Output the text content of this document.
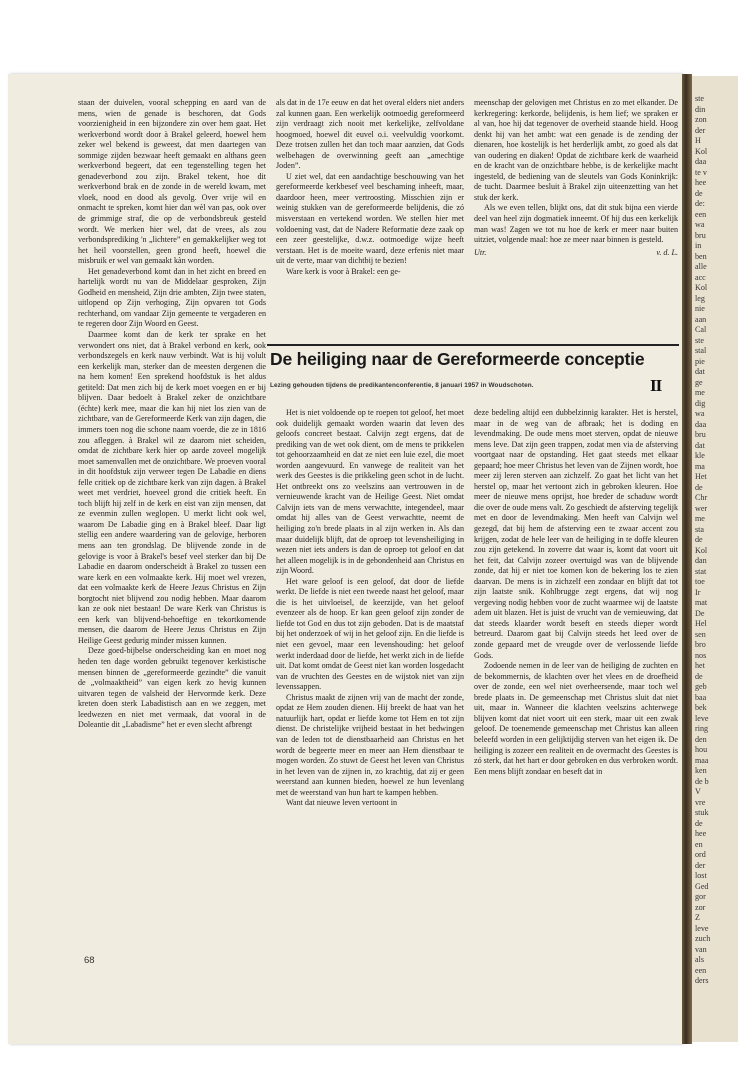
ste
din
zon
der
H
Kol
daa
te v
hee
de
de:
een
wa
bru
in
ben
alle
acc
Kol
leg
nie
aan
Cal
ste
stal
pie
dat
ge
me
dig
wa
daa
bru
dat
kle
ma
Het
de
Chr
wer
me
sta
de
Kol
dan
stat
toe
Ir
mat
De
Hel
sen
bro
nos
het
de
geb
baa
bek
leve
ring
den
hou
maa
ken
de b
V
vre
stuk
de
hee
en
ord
der
lost
Ged
gor
zor
Z
leve
zuch
van
als
een
ders

staan der duivelen, vooral schepping en aard van de mens, wien de genade is beschoren, dat Gods voorzienigheid in een bijzondere zin over hem gaat. Het werkverbond wordt door à Brakel geleerd, hoewel hem zeker wel bekend is geweest, dat men daartegen van sommige zijden bezwaar heeft gemaakt en althans geen werkverbond begeert, dat een tegenstelling tegen het genadeverbond zou zijn. Brakel tekent, hoe dit werkverbond brak en de zonde in de wereld kwam, met vloek, nood en dood als gevolg. Over vrije wil en onmacht te spreken, komt hier dan wèl van pas, ook over de grimmige straf, die op de verbondsbreuk gesteld wordt. We merken hier wel, dat de vrees, als zou verbondsprediking 'n „lichtere” en gemakkelijker weg tot het heil voorstellen, geen grond heeft, hoewel die misbruik er wel van gemaakt kàn worden.

Het genadeverbond komt dan in het zicht en breed en hartelijk wordt nu van de Middelaar gesproken, Zijn Godheid en mensheid, Zijn drie ambten, Zijn twee staten, uitlopend op Zijn verhoging, Zijn opvaren tot Gods rechterhand, om vandaar Zijn gemeente te vergaderen en te regeren door Zijn Woord en Geest.

Daarmee komt dan de kerk ter sprake en het verwondert ons niet, dat à Brakel verbond en kerk, ook verbondszegels en kerk nauw verbindt. Wat is hij volult een kerkelijk man, sterker dan de meesten dergenen die na hem komen! Een sprekend hoofdstuk is het aldus getiteld: Dat men zich bij de kerk moet voegen en er bij blijven. Daar bedoelt à Brakel zeker de onzichtbare (échte) kerk mee, maar die kan hij niet los zien van de zichtbare, van de Gereformeerde Kerk van zijn dagen, die immers toen nog die schone naam voerde, die ze in 1816 zou afleggen. à Brakel wil ze daarom niet scheiden, omdat de zichtbare kerk hier op aarde zoveel mogelijk moet samenvallen met de onzichtbare. We proeven vooral in dit hoofdstuk zijn verweer tegen De Labadie en diens felle critiek op de zichtbare kerk van zijn dagen. à Brakel weet met verdriet, hoeveel grond die critiek heeft. En toch blijft hij zelf in de kerk en eist van zijn mensen, dat ze evenmin zullen weglopen. U merkt licht ook wel, waarom De Labadie ging en à Brakel bleef. Daar ligt stellig een andere waardering van de gelovige, herboren mens aan ten grondslag. De blijvende zonde in de gelovige is voor à Brakel's besef veel sterker dan bij De Labadie en daarom onderscheidt à Brakel zo tussen een ware kerk en een volmaakte kerk. Hij moet wel vrezen, dat een volmaakte kerk de Heere Jezus Christus en Zijn borgtocht niet blijvend zou nodig hebben. Maar daarom kan ze ook niet bestaan! De ware Kerk van Christus is een kerk van blijvend-behoeftige en tekortkomende mensen, die daarom de Heere Jezus Christus en Zijn Heilige Geest gedurig minder missen kunnen.

Deze goed-bijbelse onderscheiding kan en moet nog heden ten dage worden gebruikt tegenover kerkistische mensen binnen de „gereformeerde gezindte” die vanuit de „volmaaktheid” van eigen kerk zo hevig kunnen uitvaren tegen de valsheid der Hervormde kerk. Deze kreten doen sterk Labadistisch aan en we zeggen, met leedwezen en niet met vermaak, dat vooral in de Doleantie dit „Labadisme” het er even slecht afbrengt

als dat in de 17e eeuw en dat het overal elders niet anders zal kunnen gaan. Een werkelijk ootmoedig gereformeerd zijn verdraagt zich nooit met kerkelijke, zelfvoldane hoogmoed, hoewel dit euvel o.i. veelvuldig voorkomt. Deze trotsen zullen het dan toch maar aanzien, dat Gods welbehagen de overwinning geeft aan „amechtige Joden”.

U ziet wel, dat een aandachtige beschouwing van het gereformeerde kerkbesef veel beschaming inheeft, maar, daardoor heen, meer vertroosting. Misschien zijn er weinig stukken van de gereformeerde belijdenis, die zó misverstaan en vertekend worden. We stellen hier met voldoening vast, dat de Nadere Reformatie deze zaak op een zeer geestelijke, d.w.z. ootmoedige wijze heeft verstaan. Het is de moeite waard, deze erfenis niet maar uit de verte, maar van dichtbij te bezien!

Ware kerk is voor à Brakel: een ge-

meenschap der gelovigen met Christus en zo met elkander. De kerkregering: kerkorde, belijdenis, is hem lief; we spraken er al van, hoe hij dat tegenover de overheid staande hield. Hoog denkt hij van het ambt: wat een genade is de zending der dienaren, hoe kostelijk is het herderlijk ambt, zo goed als dat van oudering en diaken! Opdat de zichtbare kerk de waarheid en de kracht van de onzichtbare hebbe, is de kerkelijke macht ingesteld, de bediening van de sleutels van Gods Koninkrijk: de tucht. Daarmee besluit à Brakel zijn uiteenzetting van het stuk der kerk.

Als we even tellen, blijkt ons, dat dit stuk bijna een vierde deel van heel zijn dogmatiek inneemt. Of hij dus een kerkelijk man was! Zagen we tot nu hoe de kerk er meer naar buiten uitziet, volgende maal: hoe ze meer naar binnen is gesteld.

Utr.	v. d. L.
De heiliging naar de Gereformeerde conceptie
Lezing gehouden tijdens de predikantenconferentie, 8 januari 1957 in Woudschoten.	II

Het is niet voldoende op te roepen tot geloof, het moet ook duidelijk gemaakt worden waarin dat leven des geloofs concreet bestaat. Calvijn zegt ergens, dat de prediking van de wet ook dient, om de mens te prikkelen tot gehoorzaamheid en dat ze niet een luie ezel, die moet worden aangevuurd. En vanwege de realiteit van het werk des Geestes is die prikkeling geen schot in de lucht. Het ontbreekt ons zo veelszins aan vertrouwen in de vernieuwende kracht van de Heilige Geest. Niet omdat Calvijn iets van de mens verwachtte, integendeel, maar omdat hij alles van de Geest verwachtte, neemt de heiliging zo'n brede plaats in al zijn werken in. Als dan maar duidelijk blijft, dat de oproep tot levensheiliging in wezen niet iets anders is dan de oproep tot geloof en dat het alleen mogelijk is in de gebondenheid aan Christus en zijn Woord.

Het ware geloof is een geloof, dat door de liefde werkt. De liefde is niet een tweede naast het geloof, maar die is het uitvloeisel, de keerzijde, van het geloof evenzeer als de hoop. Er kan geen geloof zijn zonder de liefde tot God en dus tot zijn geboden. Dat is de maatstaf bij het onderzoek of wij in het geloof zijn. En die liefde is niet een gevoel, maar een levenshouding: het geloof werkt inderdaad door de liefde, het werkt zich in de liefde uit. Dat komt omdat de Geest niet kan worden losgedacht van de vruchten des Geestes en de wijstok niet van zijn levenssappen.

Christus maakt de zijnen vrij van de macht der zonde, opdat ze Hem zouden dienen. Hij breekt de haat van het natuurlijk hart, opdat er liefde kome tot Hem en tot zijn dienst. De christelijke vrijheid bestaat in het bedwingen van de leden tot de dienstbaarheid aan Christus en het wordt de begeerte meer en meer aan Hem dienstbaar te mogen worden. Zo stuwt de Geest het leven van Christus in het leven van de zijnen in, zo krachtig, dat zij er geen weerstand aan kunnen bieden, hoewel ze hun levenlang met de weerstand van hun hart te kampen hebben.

Want dat nieuwe leven vertoont in

deze bedeling altijd een dubbelzinnig karakter. Het is herstel, maar in de weg van de afbraak; het is doding en levendmaking. De oude mens moet sterven, opdat de nieuwe mens leve. Dat zijn geen trappen, zodat men via de afsterving voortgaat naar de opstanding. Het gaat steeds met elkaar gepaard; hoe meer Christus het leven van de Zijnen wordt, hoe meer zij leren sterven aan zichzelf. Zo gaat het licht van het herstel op, maar het vertoont zich in gebroken kleuren. Hoe meer de nieuwe mens oprijst, hoe breder de schaduw wordt die over de oude mens valt. Zo geschiedt de afsterving tegelijk met en door de levendmaking. Men heeft van Calvijn wel gezegd, dat bij hem de afsterving een te zwaar accent zou krijgen, zodat de hele leer van de heiliging in te doffe kleuren zou zijn getekend. In zoverre dat waar is, komt dat voort uit het feit, dat Calvijn zozeer overtuigd was van de blijvende zonde, dat hij er niet toe komen kon de bekering los te zien daarvan. De mens is in zichzelf een zondaar en blijft dat tot zijn laatste snik. Kohlbrugge zegt ergens, dat wij nog vergeving nodig hebben voor de zucht waarmee wij de laatste adem uit blazen. Het is juist de vrucht van de vernieuwing, dat dat steeds klaarder wordt beseft en steeds dieper wordt betreurd. Daarom gaat bij Calvijn steeds het leed over de zonde gepaard met de vreugde over de verlossende liefde Gods.

Zodoende nemen in de leer van de heiliging de zuchten en de bekommernis, de klachten over het vlees en de droefheid over de zonde, een wel niet overheersende, maar toch wel brede plaats in. De gemeenschap met Christus sluit dat niet uit, maar in. Wanneer die klachten veelszins achterwege blijven komt dat niet voort uit een sterk, maar uit een zwak geloof. De toenemende gemeenschap met Christus kan alleen beleefd worden in een gelijktijdig sterven van het eigen ik. De heiliging is zozeer een realiteit en de overmacht des Geestes is zó sterk, dat het hart er door gebroken en dus verbroken wordt. Een mens blijft zondaar en beseft dat in

68
